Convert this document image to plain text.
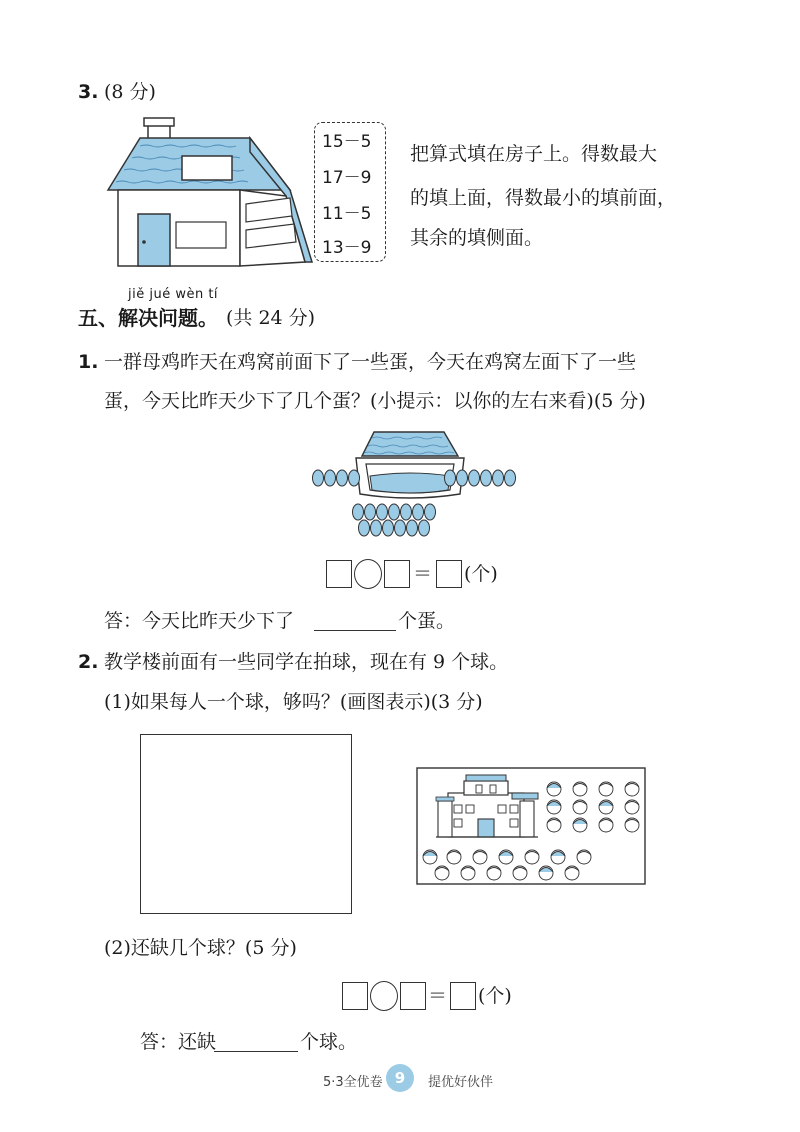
3. (8 分)
15－5
17－9
11－5
13－9
把算式填在房子上。得数最大
的填上面，得数最小的填前面，
其余的填侧面。
jiě jué wèn tí
五、解决问题。 (共 24 分)
1. 一群母鸡昨天在鸡窝前面下了一些蛋，今天在鸡窝左面下了一些
蛋，今天比昨天少下了几个蛋？(小提示：以你的左右来看)(5 分)
＝ (个)
答：今天比昨天少下了	个蛋。
2. 教学楼前面有一些同学在拍球，现在有 9 个球。
(1)如果每人一个球，够吗？(画图表示)(3 分)
(2)还缺几个球？(5 分)
＝ (个)
答：还缺	个球。
5·3全优卷 9	提优好伙伴
